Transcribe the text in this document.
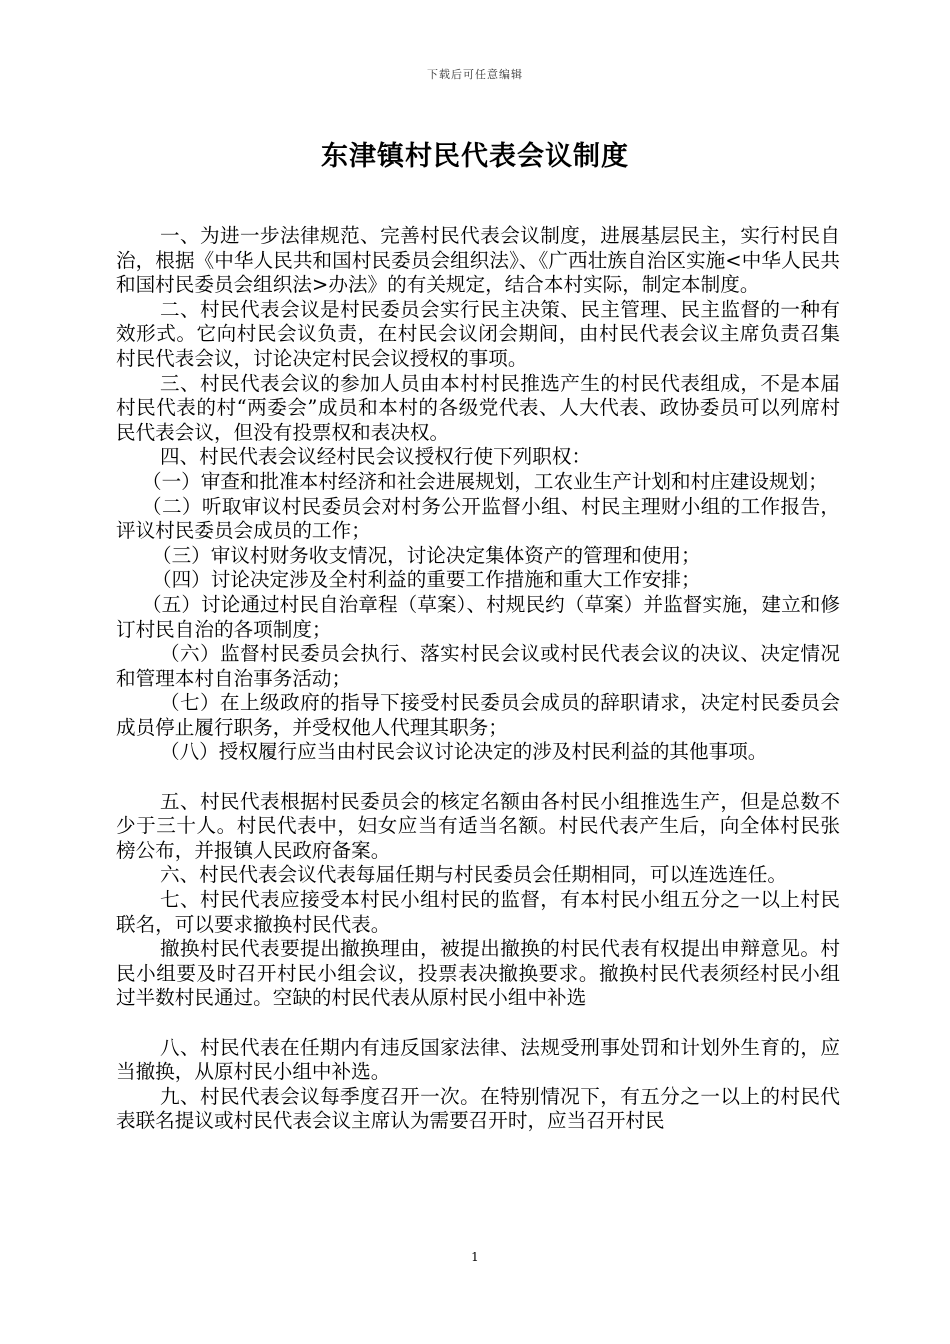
下载后可任意编辑
东津镇村民代表会议制度

一、为进一步法律规范、完善村民代表会议制度，进展基层民主，实行村民自治，根据《中华人民共和国村民委员会组织法》、《广西壮族自治区实施<中华人民共和国村民委员会组织法>办法》的有关规定，结合本村实际，制定本制度。

二、村民代表会议是村民委员会实行民主决策、民主管理、民主监督的一种有效形式。它向村民会议负责，在村民会议闭会期间，由村民代表会议主席负责召集村民代表会议，讨论决定村民会议授权的事项。

三、村民代表会议的参加人员由本村村民推选产生的村民代表组成，不是本届村民代表的村“两委会”成员和本村的各级党代表、人大代表、政协委员可以列席村民代表会议，但没有投票权和表决权。

四、村民代表会议经村民会议授权行使下列职权：

（一）审查和批准本村经济和社会进展规划，工农业生产计划和村庄建设规划；

（二）听取审议村民委员会对村务公开监督小组、村民主理财小组的工作报告，评议村民委员会成员的工作；

（三）审议村财务收支情况，讨论决定集体资产的管理和使用；

（四）讨论决定涉及全村利益的重要工作措施和重大工作安排；

（五）讨论通过村民自治章程（草案）、村规民约（草案）并监督实施，建立和修订村民自治的各项制度；

（六）监督村民委员会执行、落实村民会议或村民代表会议的决议、决定情况和管理本村自治事务活动；

（七）在上级政府的指导下接受村民委员会成员的辞职请求，决定村民委员会成员停止履行职务，并受权他人代理其职务；

（八）授权履行应当由村民会议讨论决定的涉及村民利益的其他事项。

五、村民代表根据村民委员会的核定名额由各村民小组推选生产，但是总数不少于三十人。村民代表中，妇女应当有适当名额。村民代表产生后，向全体村民张榜公布，并报镇人民政府备案。

六、村民代表会议代表每届任期与村民委员会任期相同，可以连选连任。

七、村民代表应接受本村民小组村民的监督，有本村民小组五分之一以上村民联名，可以要求撤换村民代表。

撤换村民代表要提出撤换理由，被提出撤换的村民代表有权提出申辩意见。村民小组要及时召开村民小组会议，投票表决撤换要求。撤换村民代表须经村民小组过半数村民通过。空缺的村民代表从原村民小组中补选

八、村民代表在任期内有违反国家法律、法规受刑事处罚和计划外生育的，应当撤换，从原村民小组中补选。

九、村民代表会议每季度召开一次。在特别情况下，有五分之一以上的村民代表联名提议或村民代表会议主席认为需要召开时，应当召开村民

1
